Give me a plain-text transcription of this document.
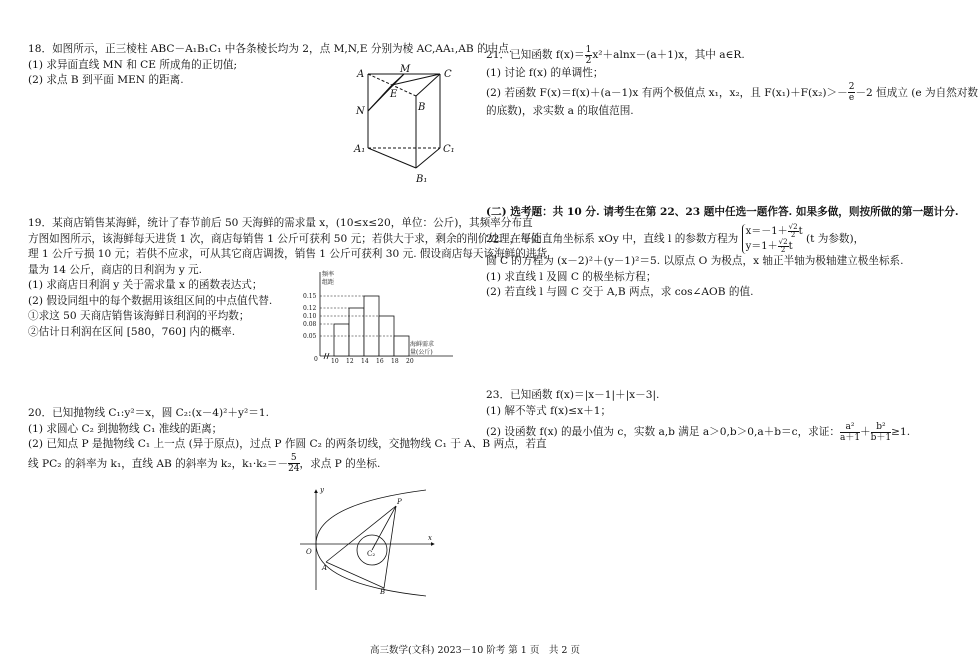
18．如图所示，正三棱柱 ABC－A₁B₁C₁ 中各条棱长均为 2，点 M,N,E 分别为棱 AC,AA₁,AB 的中点.

(1) 求异面直线 MN 和 CE 所成角的正切值;

(2) 求点 B 到平面 MEN 的距离.

19．某商店销售某海鲜，统计了春节前后 50 天海鲜的需求量 x，(10≤x≤20，单位：公斤)，其频率分布直

方图如图所示，该海鲜每天进货 1 次，商店每销售 1 公斤可获利 50 元；若供大于求，剩余的削价处理，每处

理 1 公斤亏损 10 元；若供不应求，可从其它商店调拨，销售 1 公斤可获利 30 元. 假设商店每天该海鲜的进货

量为 14 公斤，商店的日利润为 y 元.

(1) 求商店日利润 y 关于需求量 x 的函数表达式；

(2) 假设同组中的每个数据用该组区间的中点值代替.

①求这 50 天商店销售该海鲜日利润的平均数；

②估计日利润在区间 [580，760] 内的概率.

20．已知抛物线 C₁:y²＝x，圆 C₂:(x－4)²＋y²＝1.

(1) 求圆心 C₂ 到抛物线 C₁ 准线的距离；

(2) 已知点 P 是抛物线 C₁ 上一点 (异于原点)，过点 P 作圆 C₂ 的两条切线，交抛物线 C₁ 于 A、B 两点，若直

线 PC₂ 的斜率为 k₁，直线 AB 的斜率为 k₂，$k_1\cdot k_2=- \frac{5}{24}$ ，求点 P 的坐标.

A	M	C
E
B
N
A₁	C₁
B₁
频率
组距
海鲜需求
量(公斤)
0
0.15
0.12
0.10
0.08
0.05
10 12 14 16 18 20
y
P
O
x
A
C₂
B

21．已知函数 $f(x)= \frac{1}{2} x^2+alnx-(a+1)x$，其中 a∈R.

(1) 讨论 f(x) 的单调性；

(2) 若函数 F(x)＝f(x)＋(a－1)x 有两个极值点 x₁，x₂，且 $F(x_1)+F(x_2)>- \frac{2}{e} -2$ 恒成立 (e 为自然对数

的底数)，求实数 a 的取值范围.

(二) 选考题：共 10 分. 请考生在第 22、23 题中任选一题作答. 如果多做，则按所做的第一题计分.

22．在平面直角坐标系 xOy 中，直线 l 的参数方程为
$x=-1+ \frac{√2}{2}$ t
$y=1+ \frac{√2}{2}$ t
(t 为参数)，

圆 C 的方程为 (x－2)²＋(y－1)²＝5. 以原点 O 为极点，x 轴正半轴为极轴建立极坐标系.

(1) 求直线 l 及圆 C 的极坐标方程；

(2) 若直线 l 与圆 C 交于 A,B 两点，求 cos∠AOB 的值.

23．已知函数 f(x)＝|x－1|＋|x－3|.

(1) 解不等式 f(x)≤x＋1；

(2) 设函数 f(x) 的最小值为 c，实数 a,b 满足 a＞0,b＞0,a＋b＝c，求证： $\frac{\text{a²}}{a+1} + \frac{\text{b²}}{b+1} \ge 1$.

高三数学(文科) 2023－10 阶考 第 1 页　共 2 页
